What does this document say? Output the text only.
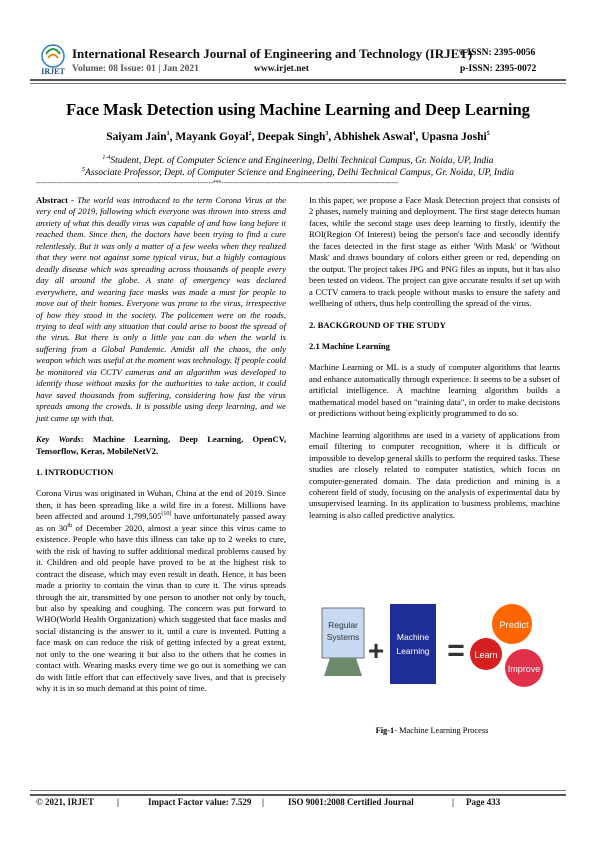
IRJET
International Research Journal of Engineering and Technology (IRJET)
Volume: 08 Issue: 01 | Jan 2021	www.irjet.net
e-ISSN: 2395-0056
p-ISSN: 2395-0072
Face Mask Detection using Machine Learning and Deep Learning
Saiyam Jain$^1$, Mayank Goyal$^2$, Deepak Singh$^3$, Abhishek Aswal$^4$, Upasna Joshi$^5$
$^{1-4}$Student, Dept. of Computer Science and Engineering, Delhi Technical Campus, Gr. Noida, UP, India
$^5$Associate Professor, Dept. of Computer Science and Engineering, Delhi Technical Campus, Gr. Noida, UP, India
-----------------------------------------------------------------------------***-----------------------------------------------------------------------------

Abstract - The world was introduced to the term Corona Virus at the very end of 2019, following which everyone was thrown into stress and anxiety of what this deadly virus was capable of and how long before it reached them. Since then, the doctors have been trying to find a cure relentlessly. But it was only a matter of a few weeks when they realized that they were not against some typical virus, but a highly contagious deadly disease which was spreading across thousands of people every day all around the globe. A state of emergency was declared everywhere, and wearing face masks was made a must for people to move out of their homes. Everyone was prone to the virus, irrespective of how they stood in the society. The policemen were on the roads, trying to deal with any situation that could arise to boost the spread of the virus. But there is only a little you can do when the world is suffering from a Global Pandemic. Amidst all the chaos, the only weapon which was useful at the moment was technology. If people could be monitored via CCTV cameras and an algorithm was developed to identify those without masks for the authorities to take action, it could have saved thousands from suffering, considering how fast the virus spreads among the crowds. It is possible using deep learning, and we just came up with that.

Key Words: Machine Learning, Deep Learning, OpenCV, Tensorflow, Keras, MobileNetV2.

1. INTRODUCTION

Corona Virus was originated in Wuhan, China at the end of 2019. Since then, it has been spreading like a wild fire in a forest. Millions have been affected and around 1,799,505[10] have unfortunately passed away as on 30th of December 2020, almost a year since this virus came to existence. People who have this illness can take up to 2 weeks to cure, with the risk of having to suffer additional medical problems caused by it. Children and old people have proved to be at the highest risk to contract the disease, which may even result in death. Hence, it has been made a priority to contain the virus than to cure it. The virus spreads through the air, transmitted by one person to another not only by touch, but also by speaking and coughing. The concern was put forward to WHO(World Health Organization) which suggested that face masks and social distancing is the answer to it, until a cure is invented. Putting a face mask on can reduce the risk of getting infected by a great extent, not only to the one wearing it but also to the others that he comes in contact with. Wearing masks every time we go out is something we can do with little effort that can effectively save lives, and that is precisely why it is in so much demand at this point of time.

In this paper, we propose a Face Mask Detection project that consists of 2 phases, namely training and deployment. The first stage detects human faces, while the second stage uses deep learning to firstly, identify the ROI(Region Of Interest) being the person's face and secondly identify the faces detected in the first stage as either 'With Mask' or 'Without Mask' and draws boundary of colors either green or red, depending on the output. The project takes JPG and PNG files as inputs, but it has also been tested on videos. The project can give accurate results if set up with a CCTV camera to track people without masks to ensure the safety and wellbeing of others, thus help controlling the spread of the virus.

2. BACKGROUND OF THE STUDY
2.1 Machine Learning

Machine Learning or ML is a study of computer algorithms that learns and enhance automatically through experience. It seems to be a subset of artificial intelligence. A machine learning algorithm builds a mathematical model based on "training data", in order to make decisions or predictions without being explicitly programmed to do so.

Machine learning algorithms are used in a variety of applications from email filtering to computer recognition, where it is difficult or impossible to develop general skills to perform the required tasks. These studies are closely related to computer statistics, which focus on computer-generated domain. The data prediction and mining is a coherent field of study, focusing on the analysis of experimental data by unsupervised learning. In its application to business problems, machine learning is also called predictive analytics.

Regular
Systems + Machine
Learning =
Predict
Learn
Improve
Fig-1- Machine Learning Process
© 2021, IRJET	|	Impact Factor value: 7.529 |	ISO 9001:2008 Certified Journal	| Page 433
